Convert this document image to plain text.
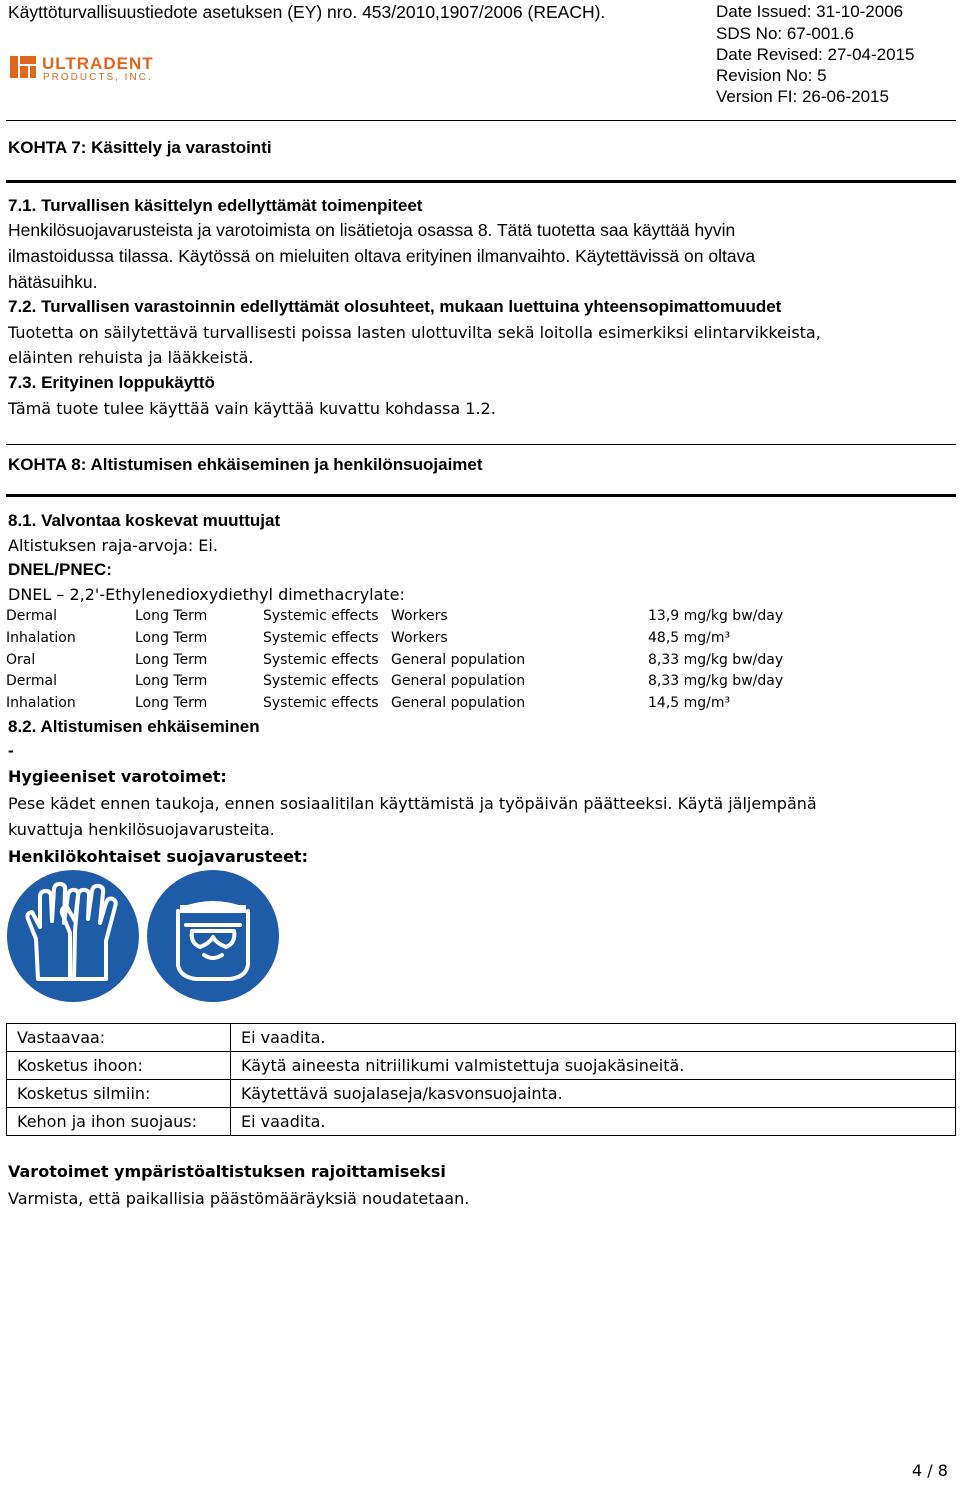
Käyttöturvallisuustiedote asetuksen (EY) nro. 453/2010,1907/2006 (REACH).	Date Issued: 31-10-2006
SDS No: 67-001.6
Date Revised: 27-04-2015
Revision No: 5
Version FI: 26-06-2015
ULTRADENT
PRODUCTS, INC.
KOHTA 7: Käsittely ja varastointi
7.1. Turvallisen käsittelyn edellyttämät toimenpiteet
Henkilösuojavarusteista ja varotoimista on lisätietoja osassa 8. Tätä tuotetta saa käyttää hyvin
ilmastoidussa tilassa. Käytössä on mieluiten oltava erityinen ilmanvaihto. Käytettävissä on oltava
hätäsuihku.
7.2. Turvallisen varastoinnin edellyttämät olosuhteet, mukaan luettuina yhteensopimattomuudet
Tuotetta on säilytettävä turvallisesti poissa lasten ulottuvilta sekä loitolla esimerkiksi elintarvikkeista,
eläinten rehuista ja lääkkeistä.
7.3. Erityinen loppukäyttö
Tämä tuote tulee käyttää vain käyttää kuvattu kohdassa 1.2.
KOHTA 8: Altistumisen ehkäiseminen ja henkilönsuojaimet
8.1. Valvontaa koskevat muuttujat
Altistuksen raja-arvoja: Ei.
DNEL/PNEC:
DNEL – 2,2'-Ethylenedioxydiethyl dimethacrylate:
Dermal	Long Term	Systemic effects Workers	13,9 mg/kg bw/day
Inhalation	Long Term	Systemic effects Workers	48,5 mg/m³
Oral	Long Term	Systemic effects General population	8,33 mg/kg bw/day
Dermal	Long Term	Systemic effects General population	8,33 mg/kg bw/day
Inhalation	Long Term	Systemic effects General population	14,5 mg/m³
8.2. Altistumisen ehkäiseminen
-
Hygieeniset varotoimet:
Pese kädet ennen taukoja, ennen sosiaalitilan käyttämistä ja työpäivän päätteeksi. Käytä jäljempänä
kuvattuja henkilösuojavarusteita.
Henkilökohtaiset suojavarusteet:
Vastaavaa:	Ei vaadita.
Kosketus ihoon:	Käytä aineesta nitriilikumi valmistettuja suojakäsineitä.
Kosketus silmiin:	Käytettävä suojalaseja/kasvonsuojainta.
Kehon ja ihon suojaus:	Ei vaadita.
Varotoimet ympäristöaltistuksen rajoittamiseksi
Varmista, että paikallisia päästömääräyksiä noudatetaan.
4 / 8
